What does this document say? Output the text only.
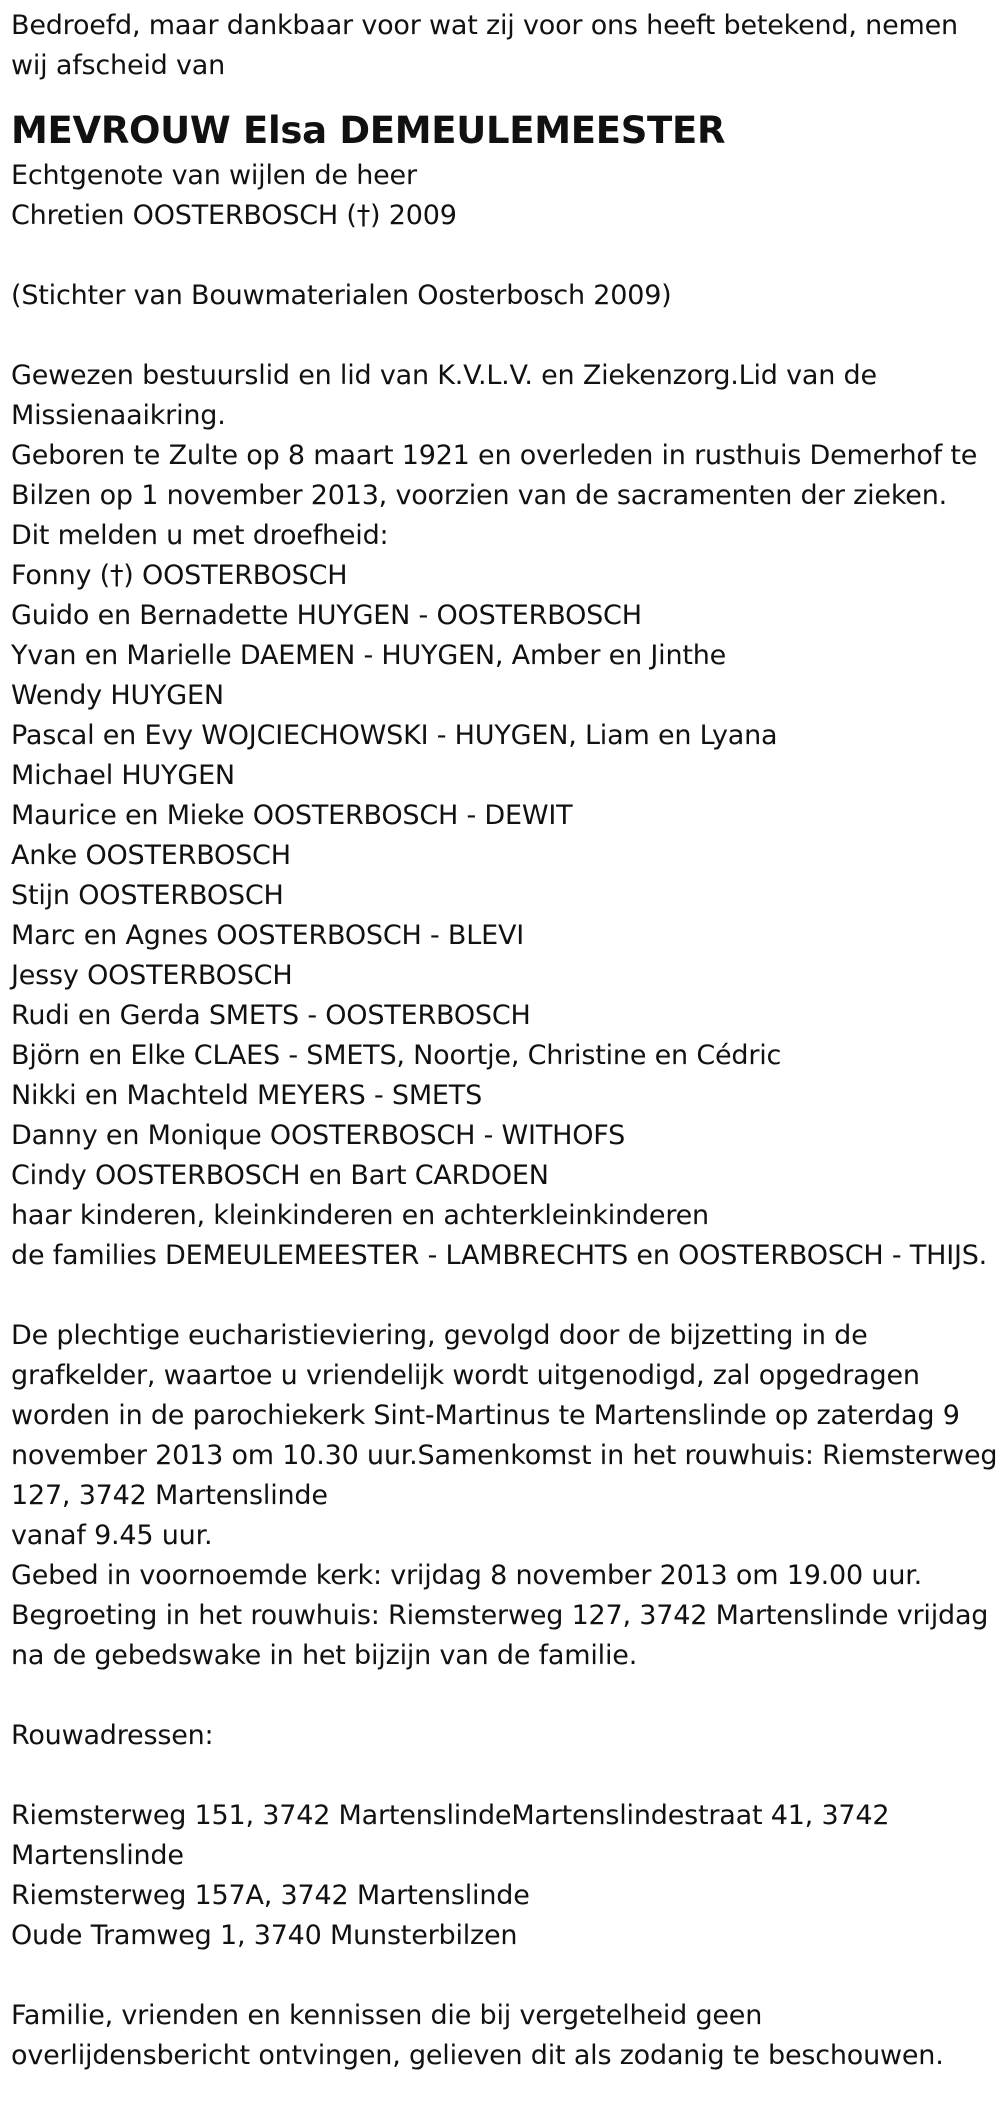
Bedroefd, maar dankbaar voor wat zij voor ons heeft betekend, nemen
wij afscheid van
MEVROUW Elsa DEMEULEMEESTER
Echtgenote van wijlen de heer
Chretien OOSTERBOSCH (†) 2009
(Stichter van Bouwmaterialen Oosterbosch 2009)
Gewezen bestuurslid en lid van K.V.L.V. en Ziekenzorg.Lid van de
Missienaaikring.
Geboren te Zulte op 8 maart 1921 en overleden in rusthuis Demerhof te
Bilzen op 1 november 2013, voorzien van de sacramenten der zieken.
Dit melden u met droefheid:
Fonny (†) OOSTERBOSCH
Guido en Bernadette HUYGEN - OOSTERBOSCH
Yvan en Marielle DAEMEN - HUYGEN, Amber en Jinthe
Wendy HUYGEN
Pascal en Evy WOJCIECHOWSKI - HUYGEN, Liam en Lyana
Michael HUYGEN
Maurice en Mieke OOSTERBOSCH - DEWIT
Anke OOSTERBOSCH
Stijn OOSTERBOSCH
Marc en Agnes OOSTERBOSCH - BLEVI
Jessy OOSTERBOSCH
Rudi en Gerda SMETS - OOSTERBOSCH
Björn en Elke CLAES - SMETS, Noortje, Christine en Cédric
Nikki en Machteld MEYERS - SMETS
Danny en Monique OOSTERBOSCH - WITHOFS
Cindy OOSTERBOSCH en Bart CARDOEN
haar kinderen, kleinkinderen en achterkleinkinderen
de families DEMEULEMEESTER - LAMBRECHTS en OOSTERBOSCH - THIJS.
De plechtige eucharistieviering, gevolgd door de bijzetting in de
grafkelder, waartoe u vriendelijk wordt uitgenodigd, zal opgedragen
worden in de parochiekerk Sint-Martinus te Martenslinde op zaterdag 9
november 2013 om 10.30 uur.Samenkomst in het rouwhuis: Riemsterweg
127, 3742 Martenslinde
vanaf 9.45 uur.
Gebed in voornoemde kerk: vrijdag 8 november 2013 om 19.00 uur.
Begroeting in het rouwhuis: Riemsterweg 127, 3742 Martenslinde vrijdag
na de gebedswake in het bijzijn van de familie.
Rouwadressen:
Riemsterweg 151, 3742 MartenslindeMartenslindestraat 41, 3742
Martenslinde
Riemsterweg 157A, 3742 Martenslinde
Oude Tramweg 1, 3740 Munsterbilzen
Familie, vrienden en kennissen die bij vergetelheid geen
overlijdensbericht ontvingen, gelieven dit als zodanig te beschouwen.
